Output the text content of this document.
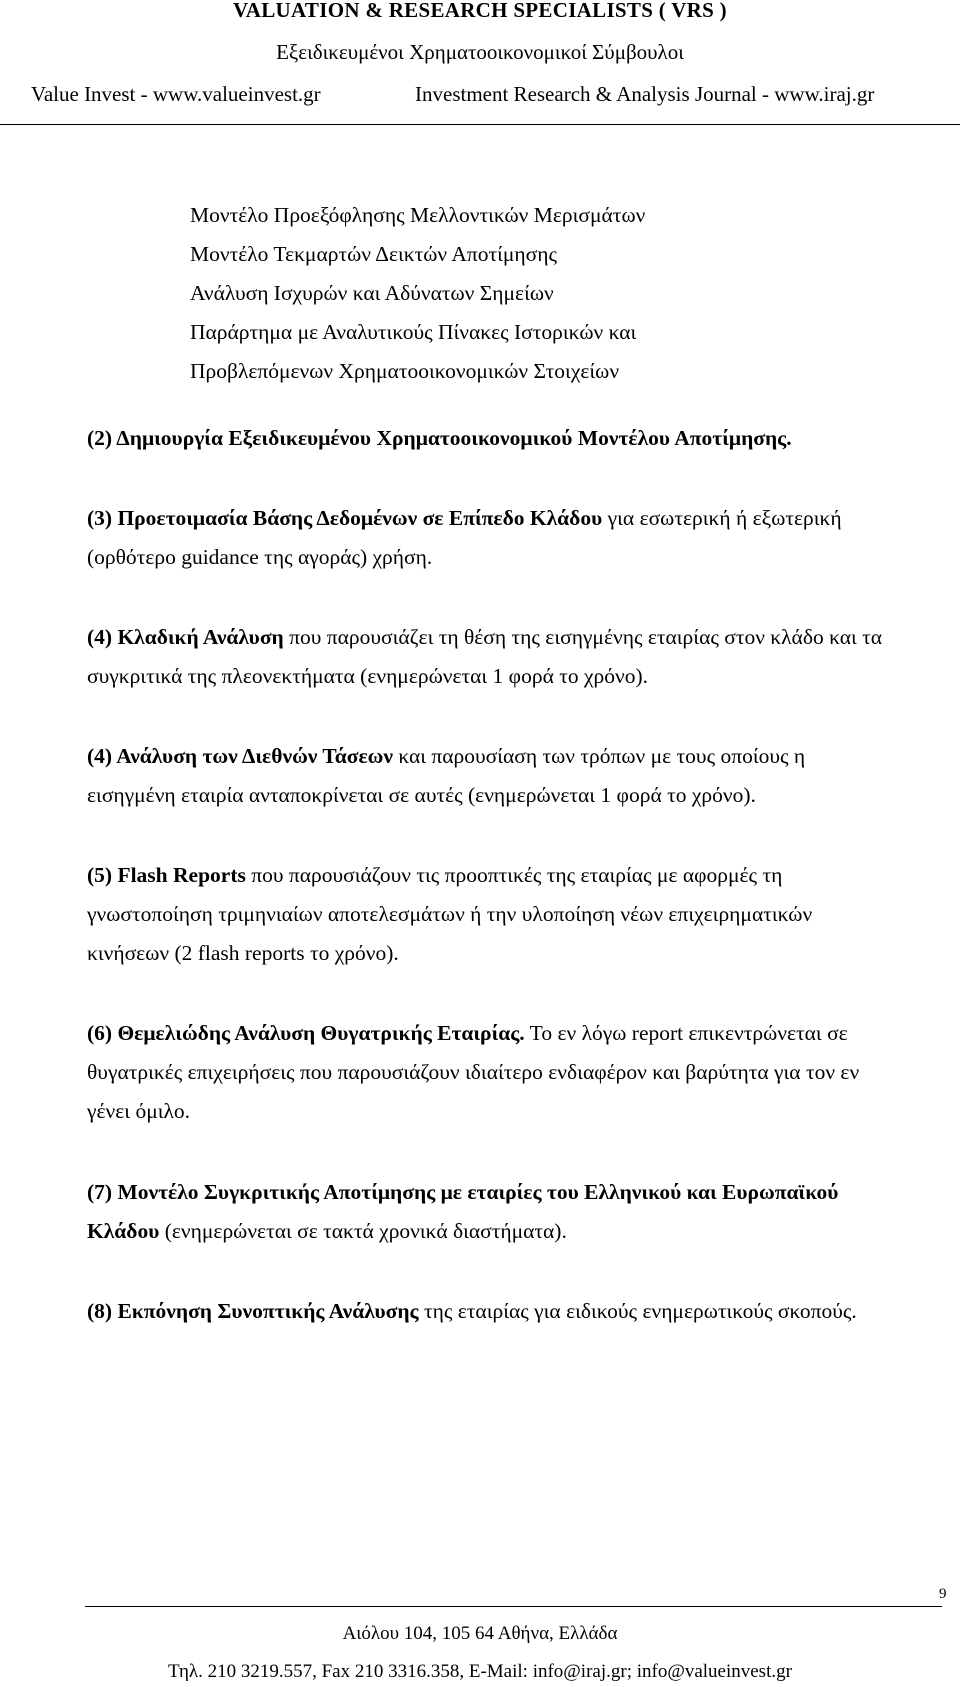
VALUATION & RESEARCH SPECIALISTS ( VRS )
Εξειδικευμένοι Χρηματοοικονομικοί Σύμβουλοι
Value Invest - www.valueinvest.gr	Investment Research & Analysis Journal - www.iraj.gr
Μοντέλο Προεξόφλησης Μελλοντικών Μερισμάτων
Μοντέλο Τεκμαρτών Δεικτών Αποτίμησης
Ανάλυση Ισχυρών και Αδύνατων Σημείων
Παράρτημα με Αναλυτικούς Πίνακες Ιστορικών και
Προβλεπόμενων Χρηματοοικονομικών Στοιχείων
(2) Δημιουργία Εξειδικευμένου Χρηματοοικονομικού Μοντέλου Αποτίμησης.
(3) Προετοιμασία Βάσης Δεδομένων σε Επίπεδο Κλάδου για εσωτερική ή εξωτερική (ορθότερο guidance της αγοράς) χρήση.
(4) Κλαδική Ανάλυση που παρουσιάζει τη θέση της εισηγμένης εταιρίας στον κλάδο και τα συγκριτικά της πλεονεκτήματα (ενημερώνεται 1 φορά το χρόνο).
(4) Ανάλυση των Διεθνών Τάσεων και παρουσίαση των τρόπων με τους οποίους η εισηγμένη εταιρία ανταποκρίνεται σε αυτές (ενημερώνεται 1 φορά το χρόνο).
(5) Flash Reports που παρουσιάζουν τις προοπτικές της εταιρίας με αφορμές τη γνωστοποίηση τριμηνιαίων αποτελεσμάτων ή την υλοποίηση νέων επιχειρηματικών κινήσεων (2 flash reports το χρόνο).
(6) Θεμελιώδης Ανάλυση Θυγατρικής Εταιρίας. Το εν λόγω report επικεντρώνεται σε θυγατρικές επιχειρήσεις που παρουσιάζουν ιδιαίτερο ενδιαφέρον και βαρύτητα για τον εν γένει όμιλο.
(7) Μοντέλο Συγκριτικής Αποτίμησης με εταιρίες του Ελληνικού και Ευρωπαϊκού Κλάδου (ενημερώνεται σε τακτά χρονικά διαστήματα).
(8) Εκπόνηση Συνοπτικής Ανάλυσης της εταιρίας για ειδικούς ενημερωτικούς σκοπούς.
9
Αιόλου 104, 105 64 Αθήνα, Ελλάδα
Τηλ. 210 3219.557, Fax 210 3316.358, E-Mail: info@iraj.gr; info@valueinvest.gr
